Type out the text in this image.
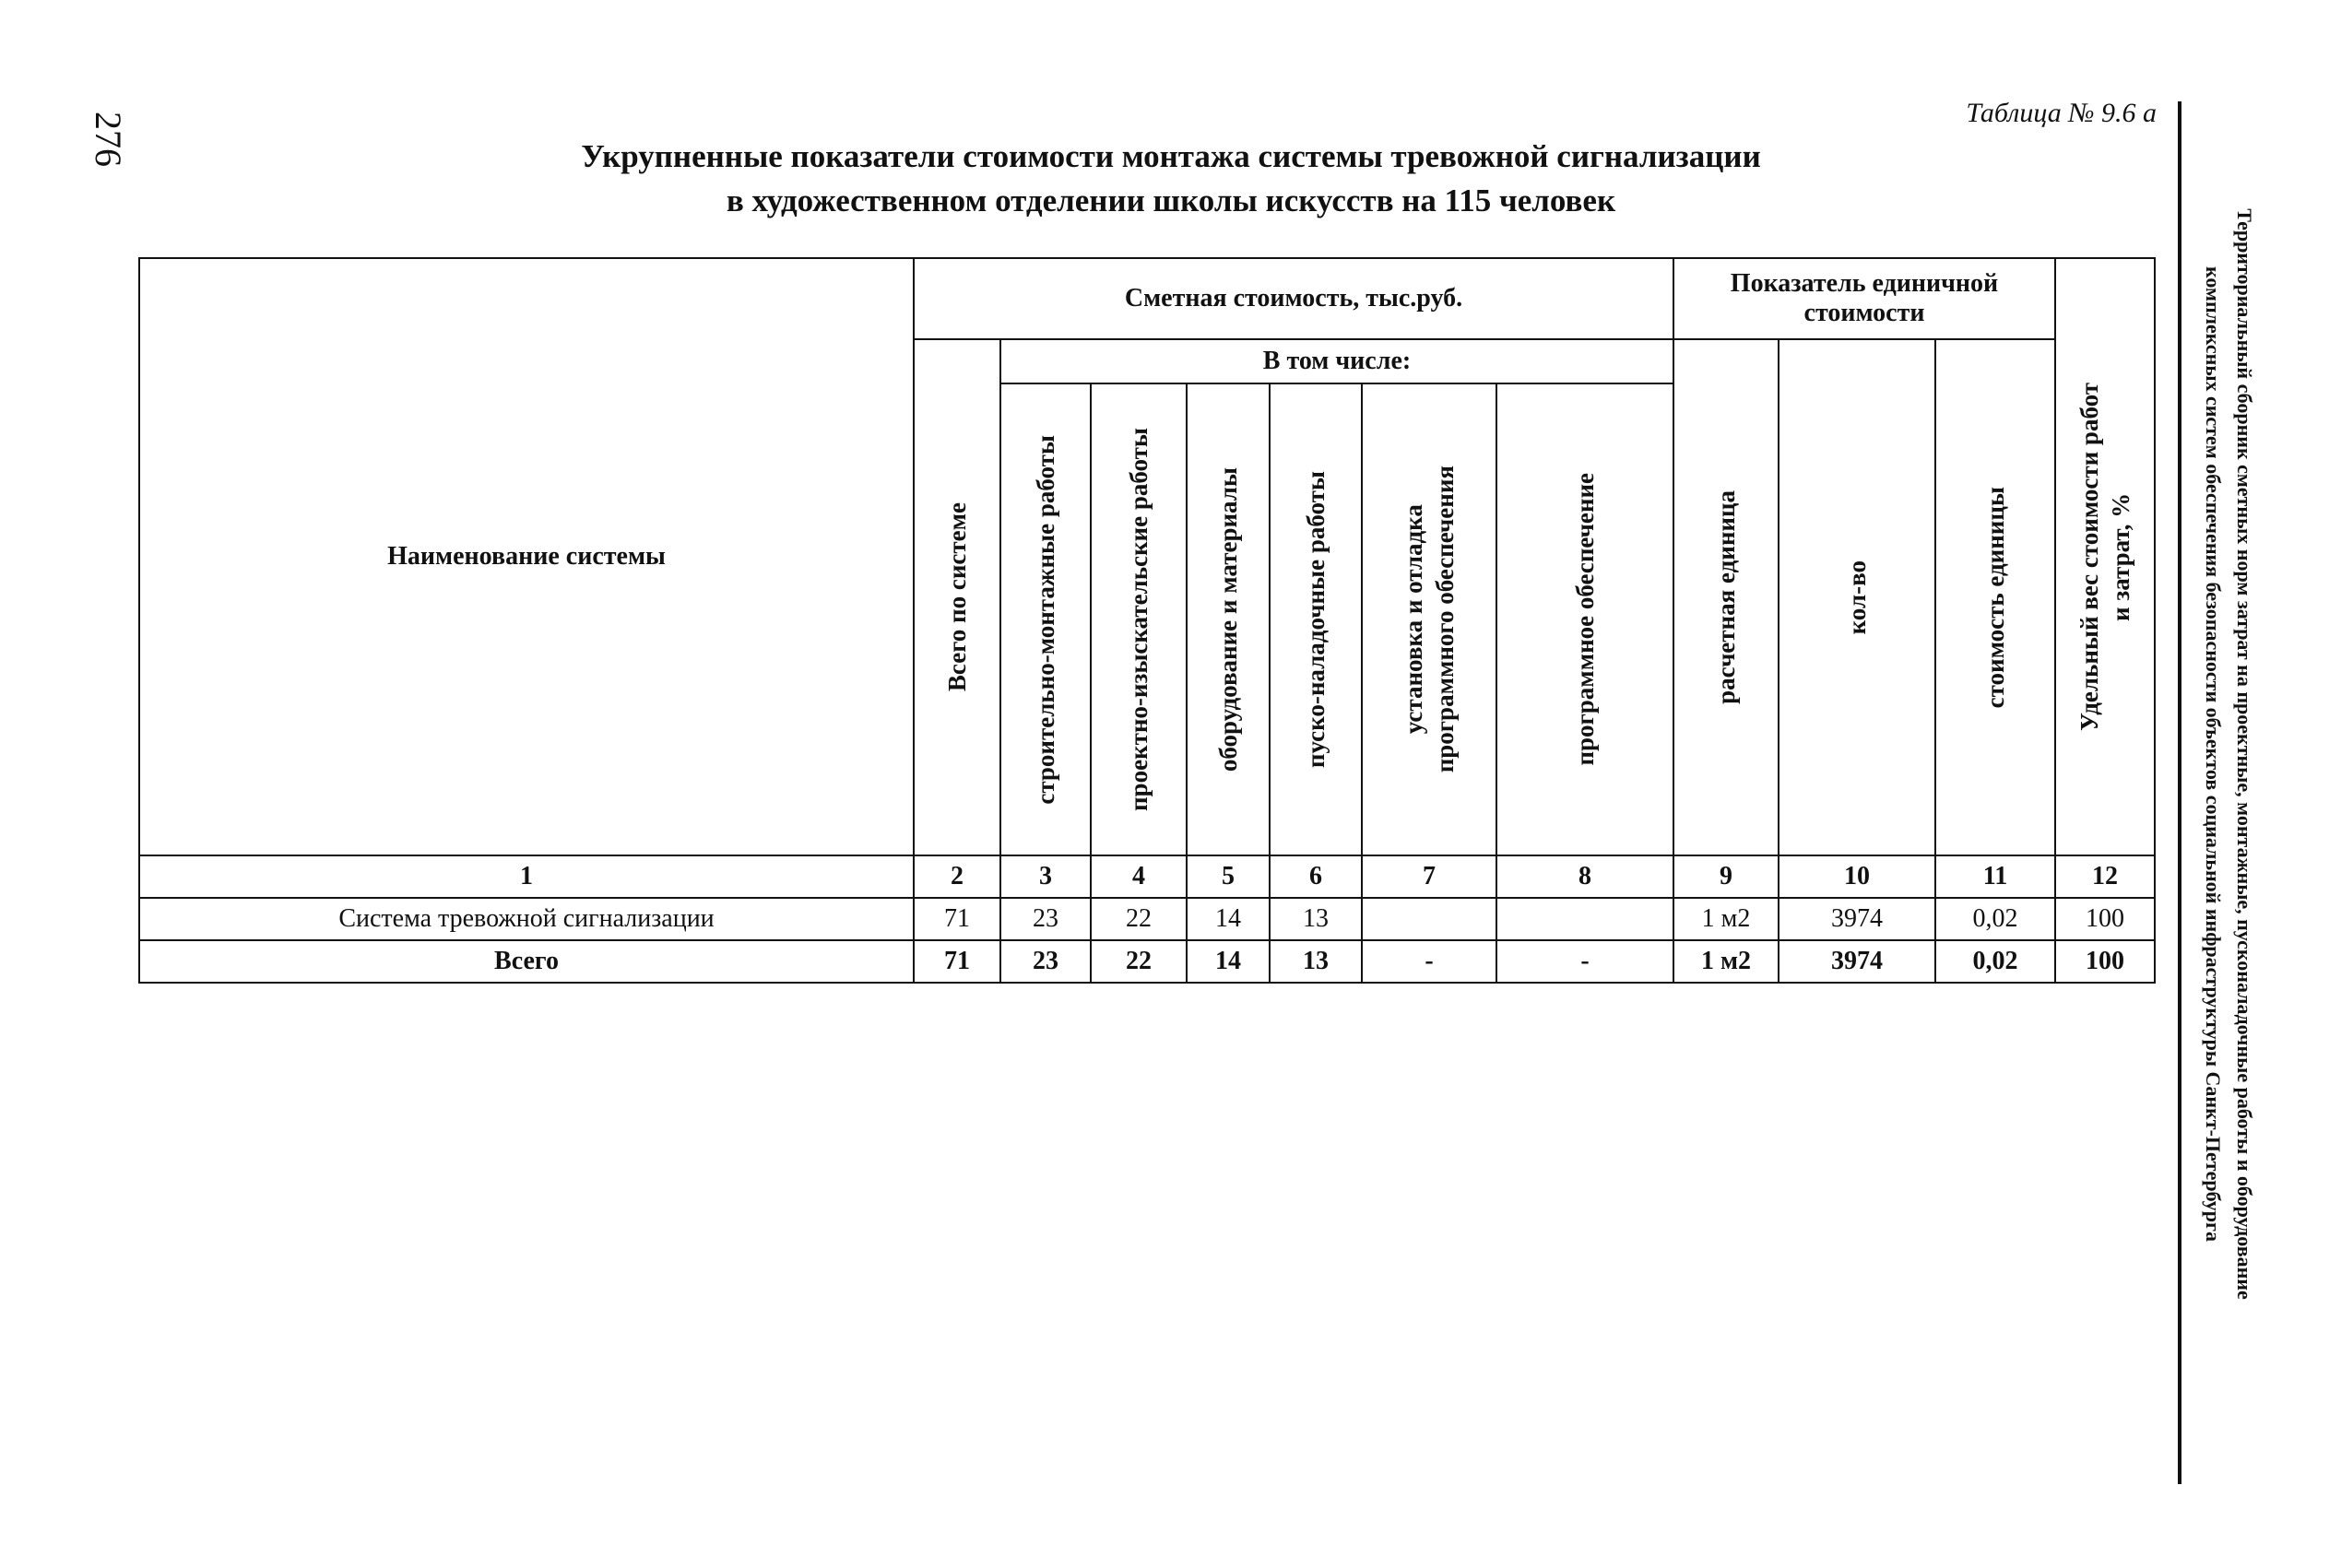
276	Таблица № 9.6 а
Укрупненные показатели стоимости монтажа системы тревожной сигнализации
в художественном отделении школы искусств на 115 человек
Территориальный сборник сметных норм затрат на проектные, монтажные, пусконаладочные работы и оборудование
комплексных систем обеспечения безопасности объектов социальной инфраструктуры Санкт-Петербурга
Наименование системы	Сметная стоимость, тыс.руб.							Показатель единичной стоимости			Удельный вес стоимости работ и затрат, %

	Всего по системе	В том числе:						расчетная единица	кол-во	стоимость единицы	

		строительно-монтажные работы	проектно-изыскательские работы	оборудование и материалы	пуско-наладочные работы	установка и отладка программного обеспечения	программное обеспечение				

1	2	3	4	5	6	7	8	9	10	11	12
Система тревожной сигнализации	71	23	22	14	13			1 м2	3974	0,02	100
Всего	71	23	22	14	13	-	-	1 м2	3974	0,02	100
